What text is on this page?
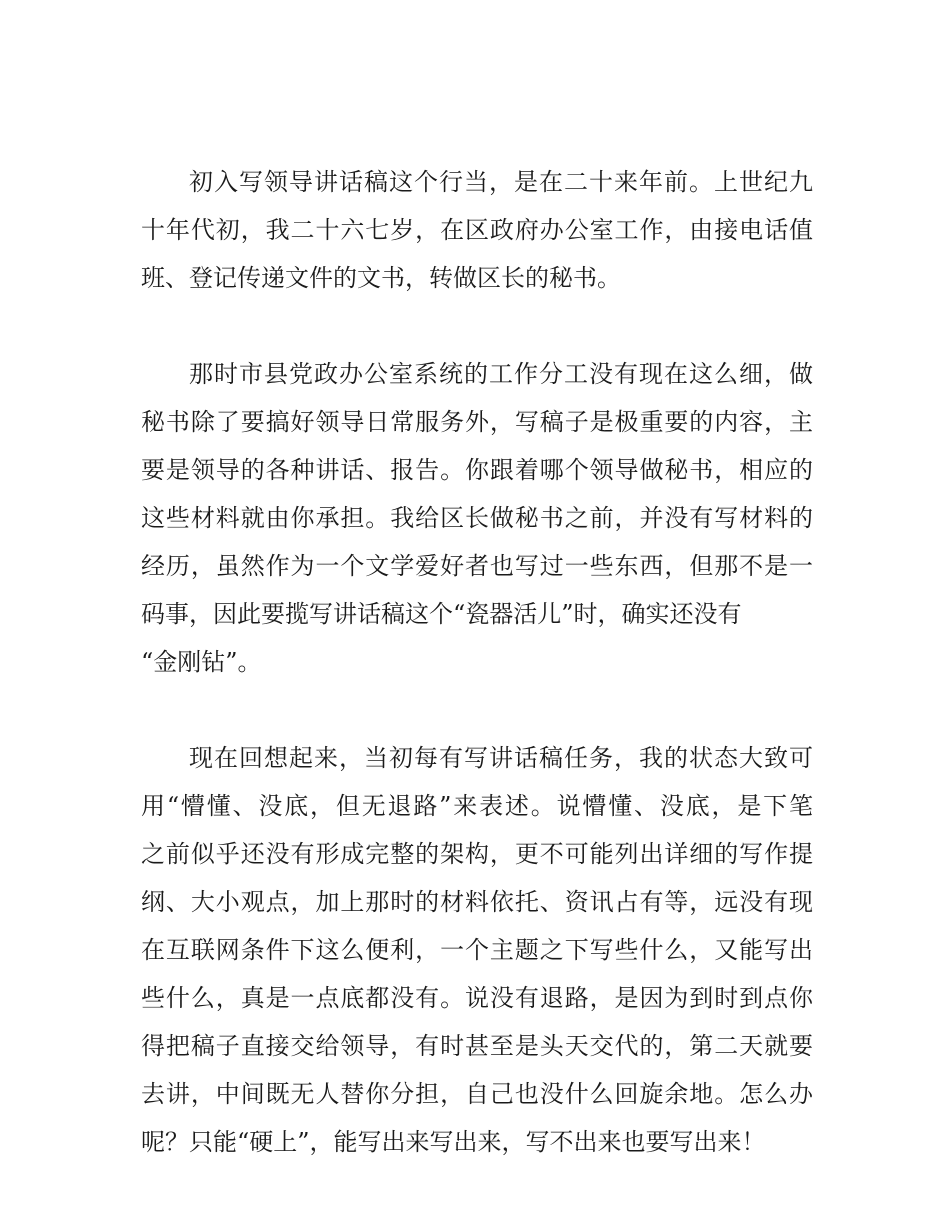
初入写领导讲话稿这个行当，是在二十来年前。上世纪九
十年代初，我二十六七岁，在区政府办公室工作，由接电话值
班、登记传递文件的文书，转做区长的秘书。
那时市县党政办公室系统的工作分工没有现在这么细，做
秘书除了要搞好领导日常服务外，写稿子是极重要的内容，主
要是领导的各种讲话、报告。你跟着哪个领导做秘书，相应的
这些材料就由你承担。我给区长做秘书之前，并没有写材料的
经历，虽然作为一个文学爱好者也写过一些东西，但那不是一
码事，因此要揽写讲话稿这个“瓷器活儿”时，确实还没有
“金刚钻”。
现在回想起来，当初每有写讲话稿任务，我的状态大致可
用“懵懂、没底，但无退路”来表述。说懵懂、没底，是下笔
之前似乎还没有形成完整的架构，更不可能列出详细的写作提
纲、大小观点，加上那时的材料依托、资讯占有等，远没有现
在互联网条件下这么便利，一个主题之下写些什么，又能写出
些什么，真是一点底都没有。说没有退路，是因为到时到点你
得把稿子直接交给领导，有时甚至是头天交代的，第二天就要
去讲，中间既无人替你分担，自己也没什么回旋余地。怎么办
呢？只能“硬上”，能写出来写出来，写不出来也要写出来！
